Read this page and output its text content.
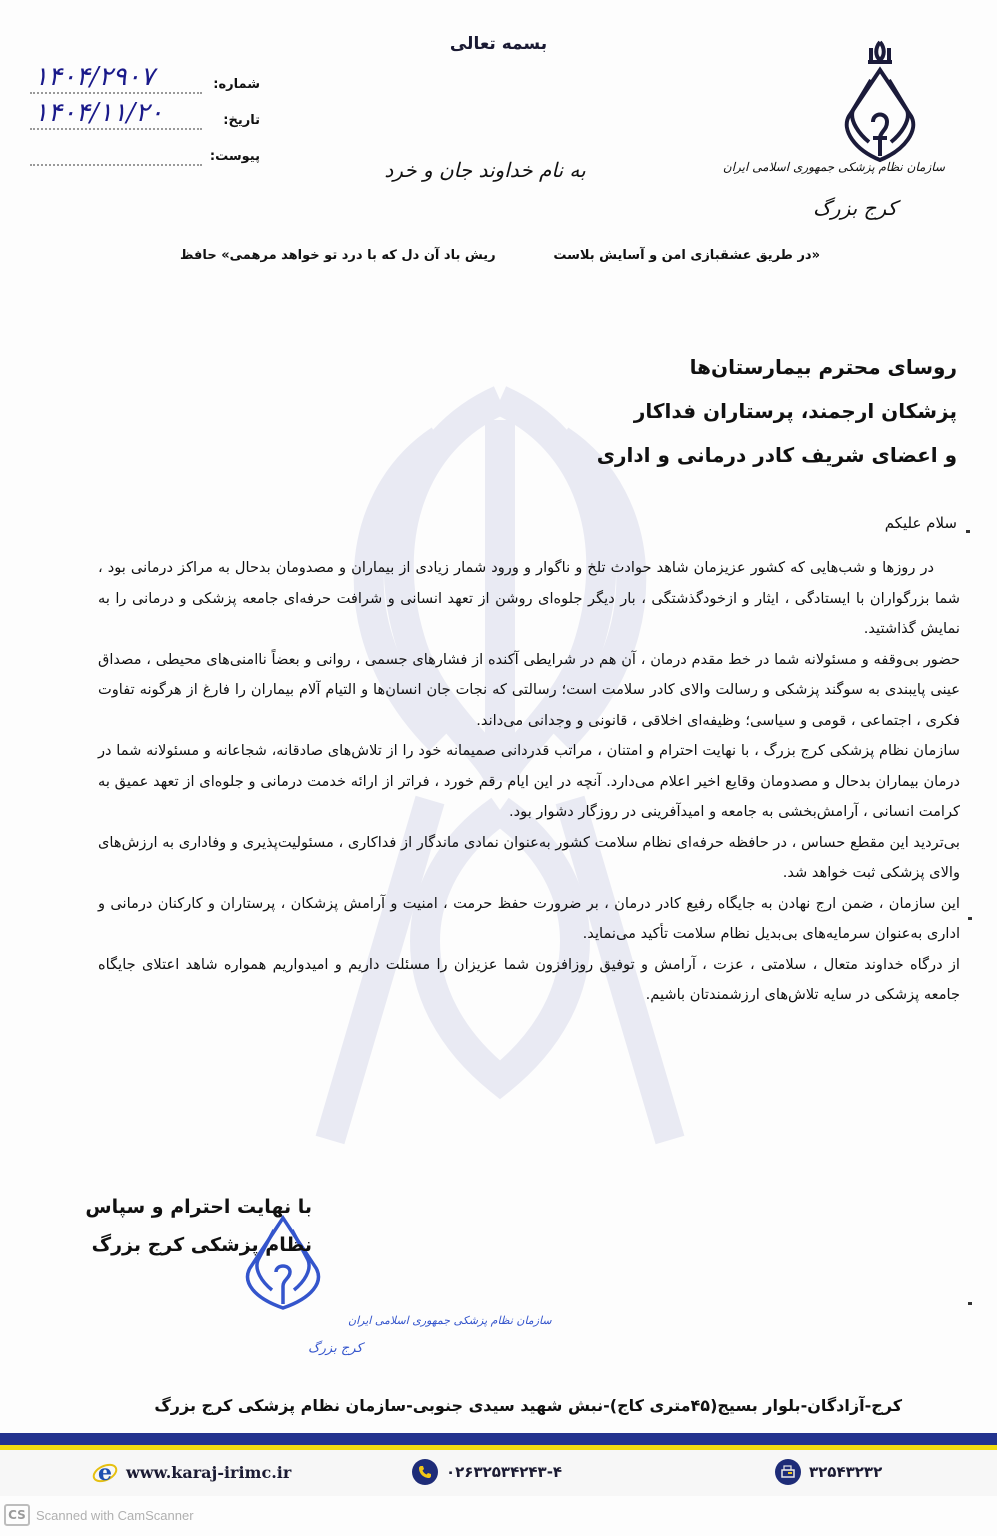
بسمه تعالی
سازمان نظام پزشکی جمهوری اسلامی ایران
کرج بزرگ
شماره:
۱۴۰۴/۲۹۰۷
تاریخ:
۱۴۰۴/۱۱/۲۰
پیوست:
به نام خداوند جان و خرد
«در طریق عشقبازی امن و آسایش بلاست
ریش باد آن دل که با درد تو خواهد مرهمی» حافظ
روسای محترم بیمارستان‌ها
پزشکان ارجمند، پرستاران فداکار
و اعضای شریف کادر درمانی و اداری
سلام علیکم

در روزها و شب‌هایی که کشور عزیزمان شاهد حوادث تلخ و ناگوار و ورود شمار زیادی از بیماران و مصدومان بدحال به مراکز درمانی بود ، شما بزرگواران با ایستادگی ، ایثار و ازخودگذشتگی ، بار دیگر جلوه‌ای روشن از تعهد انسانی و شرافت حرفه‌ای جامعه پزشکی و درمانی را به نمایش گذاشتید.

حضور بی‌وقفه و مسئولانه شما در خط مقدم درمان ، آن هم در شرایطی آکنده از فشارهای جسمی ، روانی و بعضاً ناامنی‌های محیطی ، مصداق عینی پایبندی به سوگند پزشکی و رسالت والای کادر سلامت است؛ رسالتی که نجات جان انسان‌ها و التیام آلام بیماران را فارغ از هرگونه تفاوت فکری ، اجتماعی ، قومی و سیاسی؛ وظیفه‌ای اخلاقی ، قانونی و وجدانی می‌داند.

سازمان نظام پزشکی کرج بزرگ ، با نهایت احترام و امتنان ، مراتب قدردانی صمیمانه خود را از تلاش‌های صادقانه، شجاعانه و مسئولانه شما در درمان بیماران بدحال و مصدومان وقایع اخیر اعلام می‌دارد. آنچه در این ایام رقم خورد ، فراتر از ارائه خدمت درمانی و جلوه‌ای از تعهد عمیق به کرامت انسانی ، آرامش‌بخشی به جامعه و امیدآفرینی در روزگار دشوار بود.

بی‌تردید این مقطع حساس ، در حافظه حرفه‌ای نظام سلامت کشور به‌عنوان نمادی ماندگار از فداکاری ، مسئولیت‌پذیری و وفاداری به ارزش‌های والای پزشکی ثبت خواهد شد.

این سازمان ، ضمن ارج نهادن به جایگاه رفیع کادر درمان ، بر ضرورت حفظ حرمت ، امنیت و آرامش پزشکان ، پرستاران و کارکنان درمانی و اداری به‌عنوان سرمایه‌های بی‌بدیل نظام سلامت تأکید می‌نماید.

از درگاه خداوند متعال ، سلامتی ، عزت ، آرامش و توفیق روزافزون شما عزیزان را مسئلت داریم و امیدواریم همواره شاهد اعتلای جایگاه جامعه پزشکی در سایه تلاش‌های ارزشمندتان باشیم.

سازمان نظام پزشکی جمهوری اسلامی ایران
کرج بزرگ
با نهایت احترام و سپاس
نظام پزشکی کرج بزرگ
کرج-آزادگان-بلوار بسیج(۴۵متری کاج)-نبش شهید سیدی جنوبی-سازمان نظام پزشکی کرج بزرگ
e www.karaj-irimc.ir	۰۲۶۳۲۵۳۴۲۴۳-۴	۳۲۵۴۳۲۳۲
CS Scanned with CamScanner
